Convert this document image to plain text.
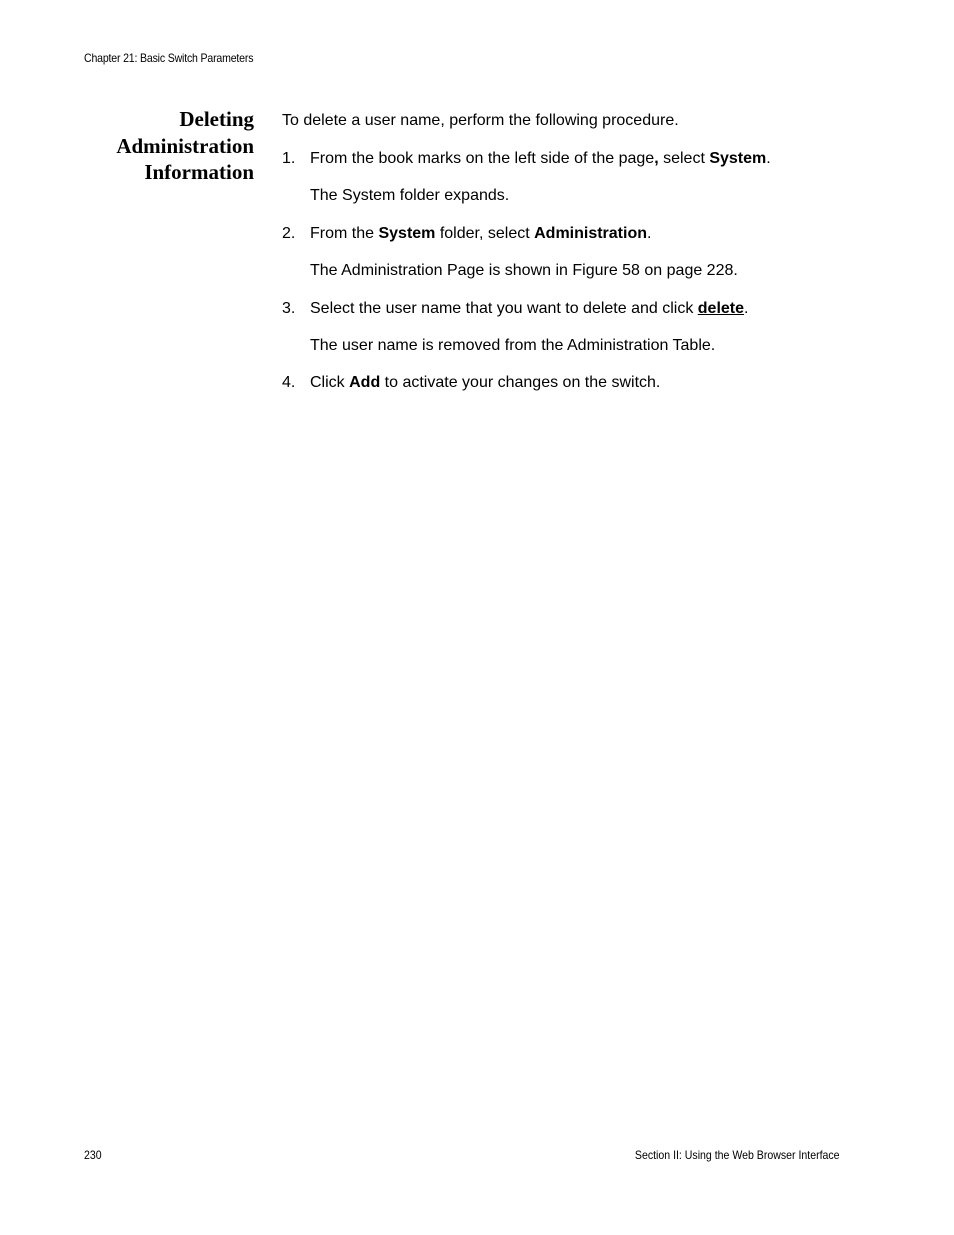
Chapter 21: Basic Switch Parameters
Deleting
Administration
Information

To delete a user name, perform the following procedure.

1. From the book marks on the left side of the page, select System.

The System folder expands.

2. From the System folder, select Administration.

The Administration Page is shown in Figure 58 on page 228.

3. Select the user name that you want to delete and click delete.

The user name is removed from the Administration Table.

4. Click Add to activate your changes on the switch.

230	Section II: Using the Web Browser Interface
